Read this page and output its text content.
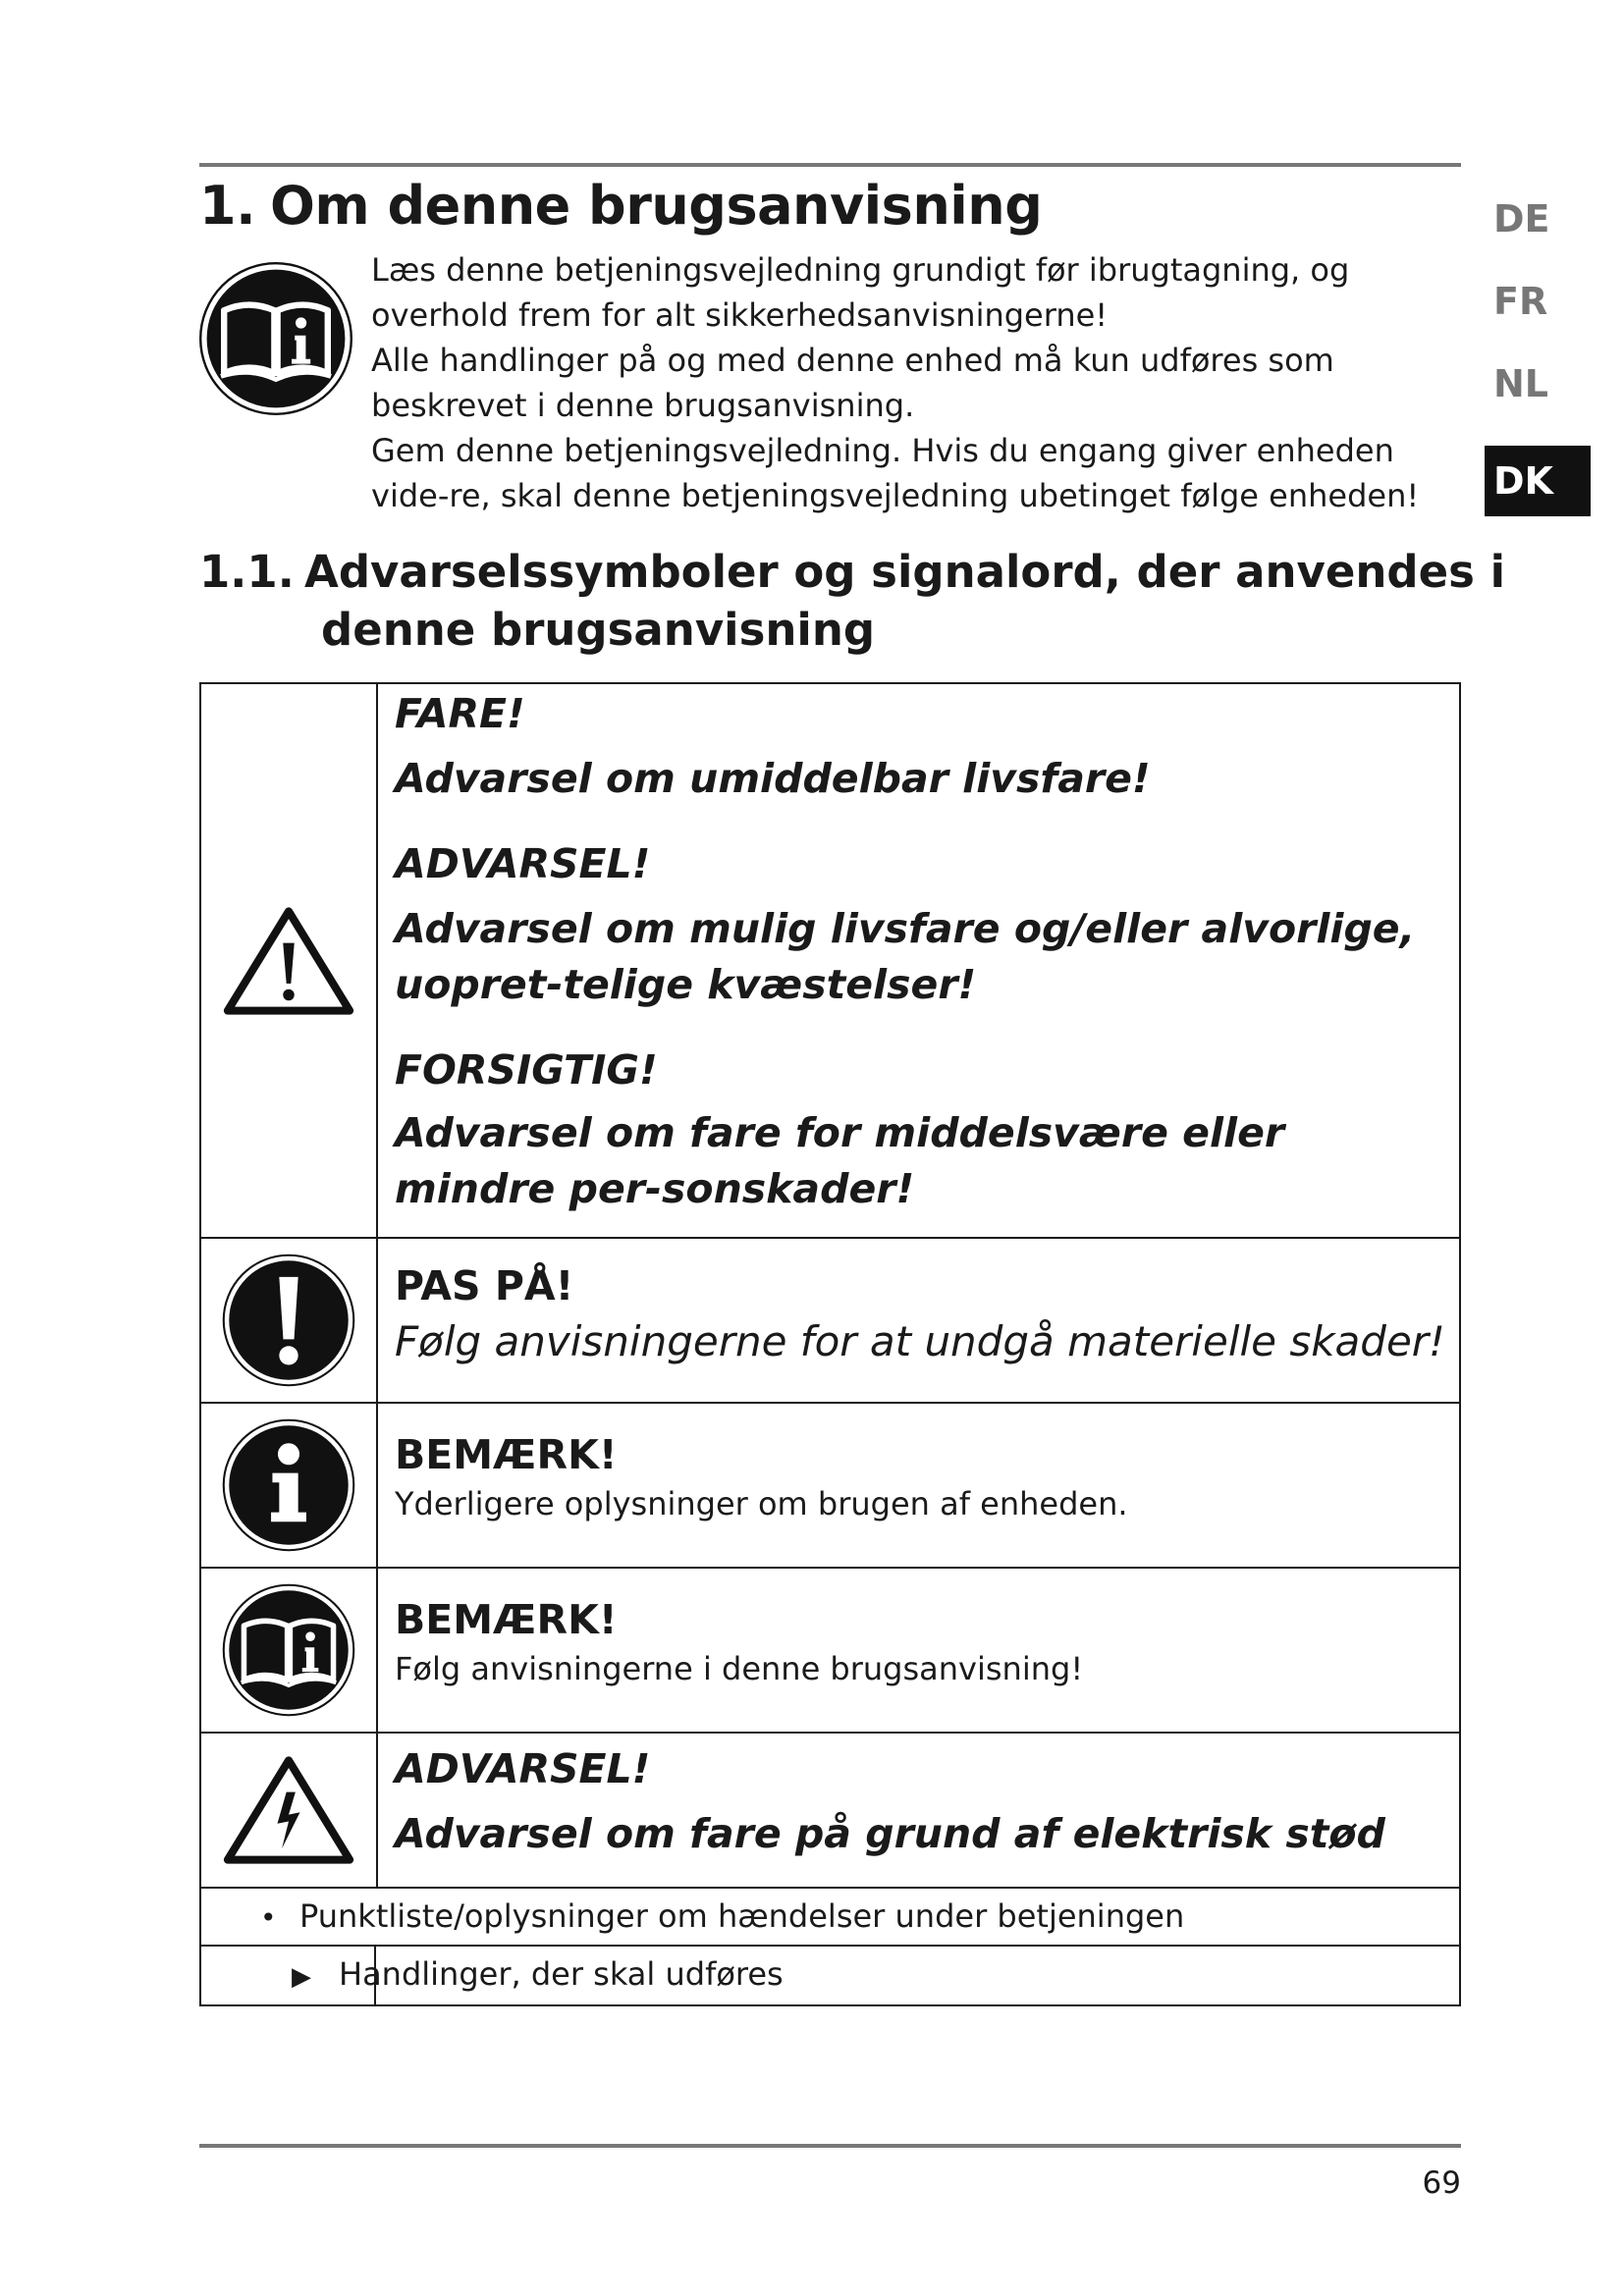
1. Om denne brugsanvisning

Læs denne betjeningsvejledning grundigt før ibrugtagning, og overhold frem for alt sikkerhedsanvisningerne!

Alle handlinger på og med denne enhed må kun udføres som beskrevet i denne brugsanvisning.

Gem denne betjeningsvejledning. Hvis du engang giver enheden vide-re, skal denne betjeningsvejledning ubetinget følge enheden!

DE
FR
NL
DK
1.1. Advarselssymboler og signalord, der anvendes i
denne brugsanvisning
FARE!
Advarsel om umiddelbar livsfare!
ADVARSEL!
Advarsel om mulig livsfare og/eller alvorlige, uopret-telige kvæstelser!
FORSIGTIG!
Advarsel om fare for middelsvære eller mindre per-sonskader!
PAS PÅ!
Følg anvisningerne for at undgå materielle skader!
BEMÆRK!
Yderligere oplysninger om brugen af enheden.
BEMÆRK!
Følg anvisningerne i denne brugsanvisning!
ADVARSEL!
Advarsel om fare på grund af elektrisk stød
• Punktliste/oplysninger om hændelser under betjeningen
▶ Handlinger, der skal udføres
69
